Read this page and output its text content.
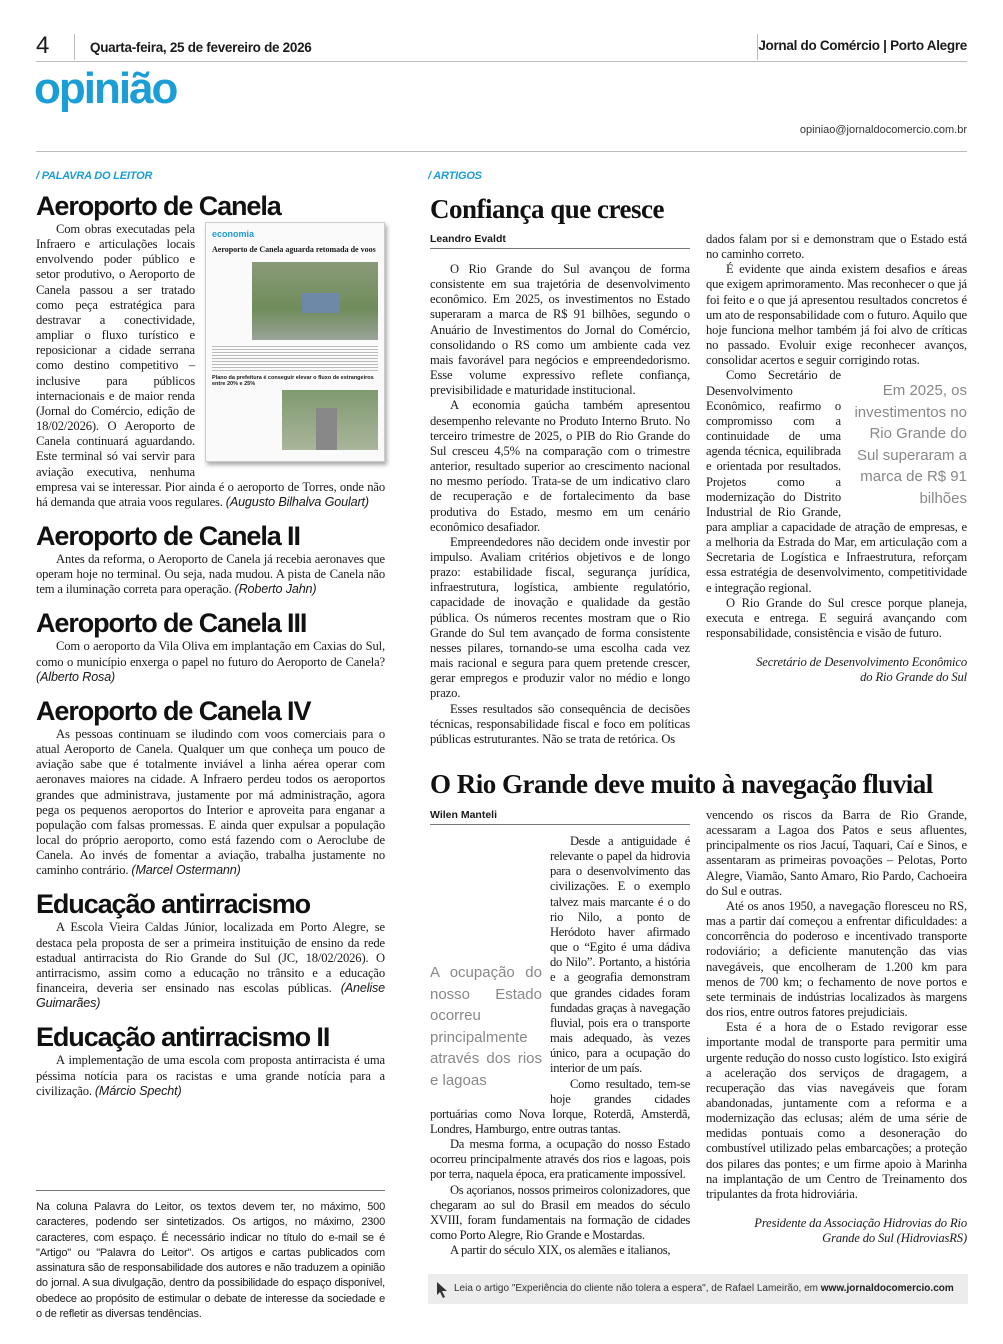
4	Quarta-feira, 25 de fevereiro de 2026	Jornal do Comércio | Porto Alegre
opinião
opiniao@jornaldocomercio.com.br
/ PALAVRA DO LEITOR
Aeroporto de Canela
economia
Aeroporto de Canela aguarda retomada de voos
Plano da prefeitura é conseguir elevar o fluxo de estrangeiros entre 20% e 25%

Com obras executadas pela Infraero e articulações locais envolvendo poder público e setor produtivo, o Aeroporto de Canela passou a ser tratado como peça estratégica para destravar a conectividade, ampliar o fluxo turístico e reposicionar a cidade serrana como destino competitivo – inclusive para públicos internacionais e de maior renda (Jornal do Comércio, edição de 18/02/2026). O Aeroporto de Canela continuará aguardando. Este terminal só vai servir para aviação executiva, nenhuma empresa vai se interessar. Pior ainda é o aeroporto de Torres, onde não há demanda que atraia voos regulares. (Augusto Bilhalva Goulart)

Aeroporto de Canela II

Antes da reforma, o Aeroporto de Canela já recebia aeronaves que operam hoje no terminal. Ou seja, nada mudou. A pista de Canela não tem a iluminação correta para operação. (Roberto Jahn)

Aeroporto de Canela III

Com o aeroporto da Vila Oliva em implantação em Caxias do Sul, como o município enxerga o papel no futuro do Aeroporto de Canela? (Alberto Rosa)

Aeroporto de Canela IV

As pessoas continuam se iludindo com voos comerciais para o atual Aeroporto de Canela. Qualquer um que conheça um pouco de aviação sabe que é totalmente inviável a linha aérea operar com aeronaves maiores na cidade. A Infraero perdeu todos os aeroportos grandes que administrava, justamente por má administração, agora pega os pequenos aeroportos do Interior e aproveita para enganar a população com falsas promessas. E ainda quer expulsar a população local do próprio aeroporto, como está fazendo com o Aeroclube de Canela. Ao invés de fomentar a aviação, trabalha justamente no caminho contrário. (Marcel Ostermann)

Educação antirracismo

A Escola Vieira Caldas Júnior, localizada em Porto Alegre, se destaca pela proposta de ser a primeira instituição de ensino da rede estadual antirracista do Rio Grande do Sul (JC, 18/02/2026). O antirracismo, assim como a educação no trânsito e a educação financeira, deveria ser ensinado nas escolas públicas. (Anelise Guimarães)

Educação antirracismo II

A implementação de uma escola com proposta antirracista é uma péssima notícia para os racistas e uma grande notícia para a civilização. (Márcio Specht)

Na coluna Palavra do Leitor, os textos devem ter, no máximo, 500 caracteres, podendo ser sintetizados. Os artigos, no máximo, 2300 caracteres, com espaço. É necessário indicar no título do e-mail se é "Artigo" ou "Palavra do Leitor". Os artigos e cartas publicados com assinatura são de responsabilidade dos autores e não traduzem a opinião do jornal. A sua divulgação, dentro da possibilidade do espaço disponível, obedece ao propósito de estimular o debate de interesse da sociedade e o de refletir as diversas tendências.
/ ARTIGOS
Confiança que cresce
Leandro Evaldt

O Rio Grande do Sul avançou de forma consistente em sua trajetória de desenvolvimento econômico. Em 2025, os investimentos no Estado superaram a marca de R$ 91 bilhões, segundo o Anuário de Investimentos do Jornal do Comércio, consolidando o RS como um ambiente cada vez mais favorável para negócios e empreendedorismo. Esse volume expressivo reflete confiança, previsibilidade e maturidade institucional.

A economia gaúcha também apresentou desempenho relevante no Produto Interno Bruto. No terceiro trimestre de 2025, o PIB do Rio Grande do Sul cresceu 4,5% na comparação com o trimestre anterior, resultado superior ao crescimento nacional no mesmo período. Trata-se de um indicativo claro de recuperação e de fortalecimento da base produtiva do Estado, mesmo em um cenário econômico desafiador.

Empreendedores não decidem onde investir por impulso. Avaliam critérios objetivos e de longo prazo: estabilidade fiscal, segurança jurídica, infraestrutura, logística, ambiente regulatório, capacidade de inovação e qualidade da gestão pública. Os números recentes mostram que o Rio Grande do Sul tem avançado de forma consistente nesses pilares, tornando-se uma escolha cada vez mais racional e segura para quem pretende crescer, gerar empregos e produzir valor no médio e longo prazo.

Esses resultados são consequência de decisões técnicas, responsabilidade fiscal e foco em políticas públicas estruturantes. Não se trata de retórica. Os

dados falam por si e demonstram que o Estado está no caminho correto.

É evidente que ainda existem desafios e áreas que exigem aprimoramento. Mas reconhecer o que já foi feito e o que já apresentou resultados concretos é um ato de responsabilidade com o futuro. Aquilo que hoje funciona melhor também já foi alvo de críticas no passado. Evoluir exige reconhecer avanços, consolidar acertos e seguir corrigindo rotas.

Em 2025, os investimentos no Rio Grande do Sul superaram a marca de R$ 91 bilhões

Como Secretário de Desenvolvimento Econômico, reafirmo o compromisso com a continuidade de uma agenda técnica, equilibrada e orientada por resultados. Projetos como a modernização do Distrito Industrial de Rio Grande, para ampliar a capacidade de atração de empresas, e a melhoria da Estrada do Mar, em articulação com a Secretaria de Logística e Infraestrutura, reforçam essa estratégia de desenvolvimento, competitividade e integração regional.

O Rio Grande do Sul cresce porque planeja, executa e entrega. E seguirá avançando com responsabilidade, consistência e visão de futuro.

Secretário de Desenvolvimento Econômico do Rio Grande do Sul

O Rio Grande deve muito à navegação fluvial
Wilen Manteli
A ocupação do nosso Estado ocorreu principalmente através dos rios e lagoas

Desde a antiguidade é relevante o papel da hidrovia para o desenvolvimento das civilizações. E o exemplo talvez mais marcante é o do rio Nilo, a ponto de Heródoto haver afirmado que o “Egito é uma dádiva do Nilo”. Portanto, a história e a geografia demonstram que grandes cidades foram fundadas graças à navegação fluvial, pois era o transporte mais adequado, às vezes único, para a ocupação do interior de um país.

Como resultado, tem-se hoje grandes cidades portuárias como Nova Iorque, Roterdã, Amsterdã, Londres, Hamburgo, entre outras tantas.

Da mesma forma, a ocupação do nosso Estado ocorreu principalmente através dos rios e lagoas, pois por terra, naquela época, era praticamente impossível.

Os açorianos, nossos primeiros colonizadores, que chegaram ao sul do Brasil em meados do século XVIII, foram fundamentais na formação de cidades como Porto Alegre, Rio Grande e Mostardas.

A partir do século XIX, os alemães e italianos,

vencendo os riscos da Barra de Rio Grande, acessaram a Lagoa dos Patos e seus afluentes, principalmente os rios Jacuí, Taquari, Caí e Sinos, e assentaram as primeiras povoações – Pelotas, Porto Alegre, Viamão, Santo Amaro, Rio Pardo, Cachoeira do Sul e outras.

Até os anos 1950, a navegação floresceu no RS, mas a partir daí começou a enfrentar dificuldades: a concorrência do poderoso e incentivado transporte rodoviário; a deficiente manutenção das vias navegáveis, que encolheram de 1.200 km para menos de 700 km; o fechamento de nove portos e sete terminais de indústrias localizados às margens dos rios, entre outros fatores prejudiciais.

Esta é a hora de o Estado revigorar esse importante modal de transporte para permitir uma urgente redução do nosso custo logístico. Isto exigirá a aceleração dos serviços de dragagem, a recuperação das vias navegáveis que foram abandonadas, juntamente com a reforma e a modernização das eclusas; além de uma série de medidas pontuais como a desoneração do combustível utilizado pelas embarcações; a proteção dos pilares das pontes; e um firme apoio à Marinha na implantação de um Centro de Treinamento dos tripulantes da frota hidroviária.

Presidente da Associação Hidrovias do Rio Grande do Sul (HidroviasRS)

Leia o artigo "Experiência do cliente não tolera a espera", de Rafael Lameirão, em www.jornaldocomercio.com
